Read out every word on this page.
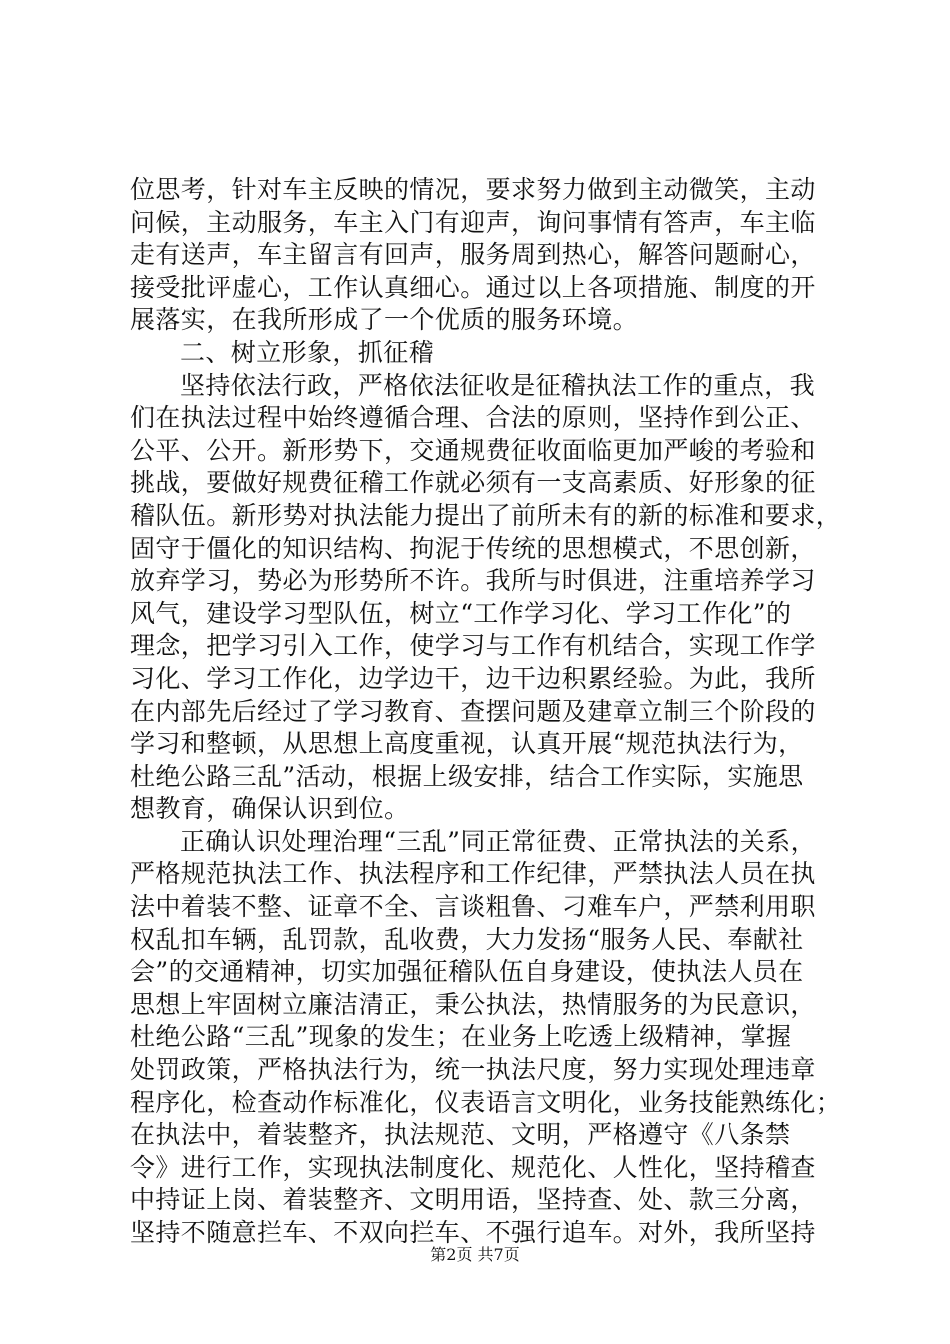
位思考，针对车主反映的情况，要求努力做到主动微笑，主动
问候，主动服务，车主入门有迎声，询问事情有答声，车主临
走有送声，车主留言有回声，服务周到热心，解答问题耐心，
接受批评虚心，工作认真细心。通过以上各项措施、制度的开
展落实，在我所形成了一个优质的服务环境。
二、树立形象，抓征稽
坚持依法行政，严格依法征收是征稽执法工作的重点，我
们在执法过程中始终遵循合理、合法的原则，坚持作到公正、
公平、公开。新形势下，交通规费征收面临更加严峻的考验和
挑战，要做好规费征稽工作就必须有一支高素质、好形象的征
稽队伍。新形势对执法能力提出了前所未有的新的标准和要求，
固守于僵化的知识结构、拘泥于传统的思想模式，不思创新，
放弃学习，势必为形势所不许。我所与时俱进，注重培养学习
风气，建设学习型队伍，树立“工作学习化、学习工作化”的
理念，把学习引入工作，使学习与工作有机结合，实现工作学
习化、学习工作化，边学边干，边干边积累经验。为此，我所
在内部先后经过了学习教育、查摆问题及建章立制三个阶段的
学习和整顿，从思想上高度重视，认真开展“规范执法行为，
杜绝公路三乱”活动，根据上级安排，结合工作实际，实施思
想教育，确保认识到位。
正确认识处理治理“三乱”同正常征费、正常执法的关系，
严格规范执法工作、执法程序和工作纪律，严禁执法人员在执
法中着装不整、证章不全、言谈粗鲁、刁难车户，严禁利用职
权乱扣车辆，乱罚款，乱收费，大力发扬“服务人民、奉献社
会”的交通精神，切实加强征稽队伍自身建设，使执法人员在
思想上牢固树立廉洁清正，秉公执法，热情服务的为民意识，
杜绝公路“三乱”现象的发生；在业务上吃透上级精神，掌握
处罚政策，严格执法行为，统一执法尺度，努力实现处理违章
程序化，检查动作标准化，仪表语言文明化，业务技能熟练化；
在执法中，着装整齐，执法规范、文明，严格遵守《八条禁
令》进行工作，实现执法制度化、规范化、人性化，坚持稽查
中持证上岗、着装整齐、文明用语，坚持查、处、款三分离，
坚持不随意拦车、不双向拦车、不强行追车。对外，我所坚持
第2页 共7页
